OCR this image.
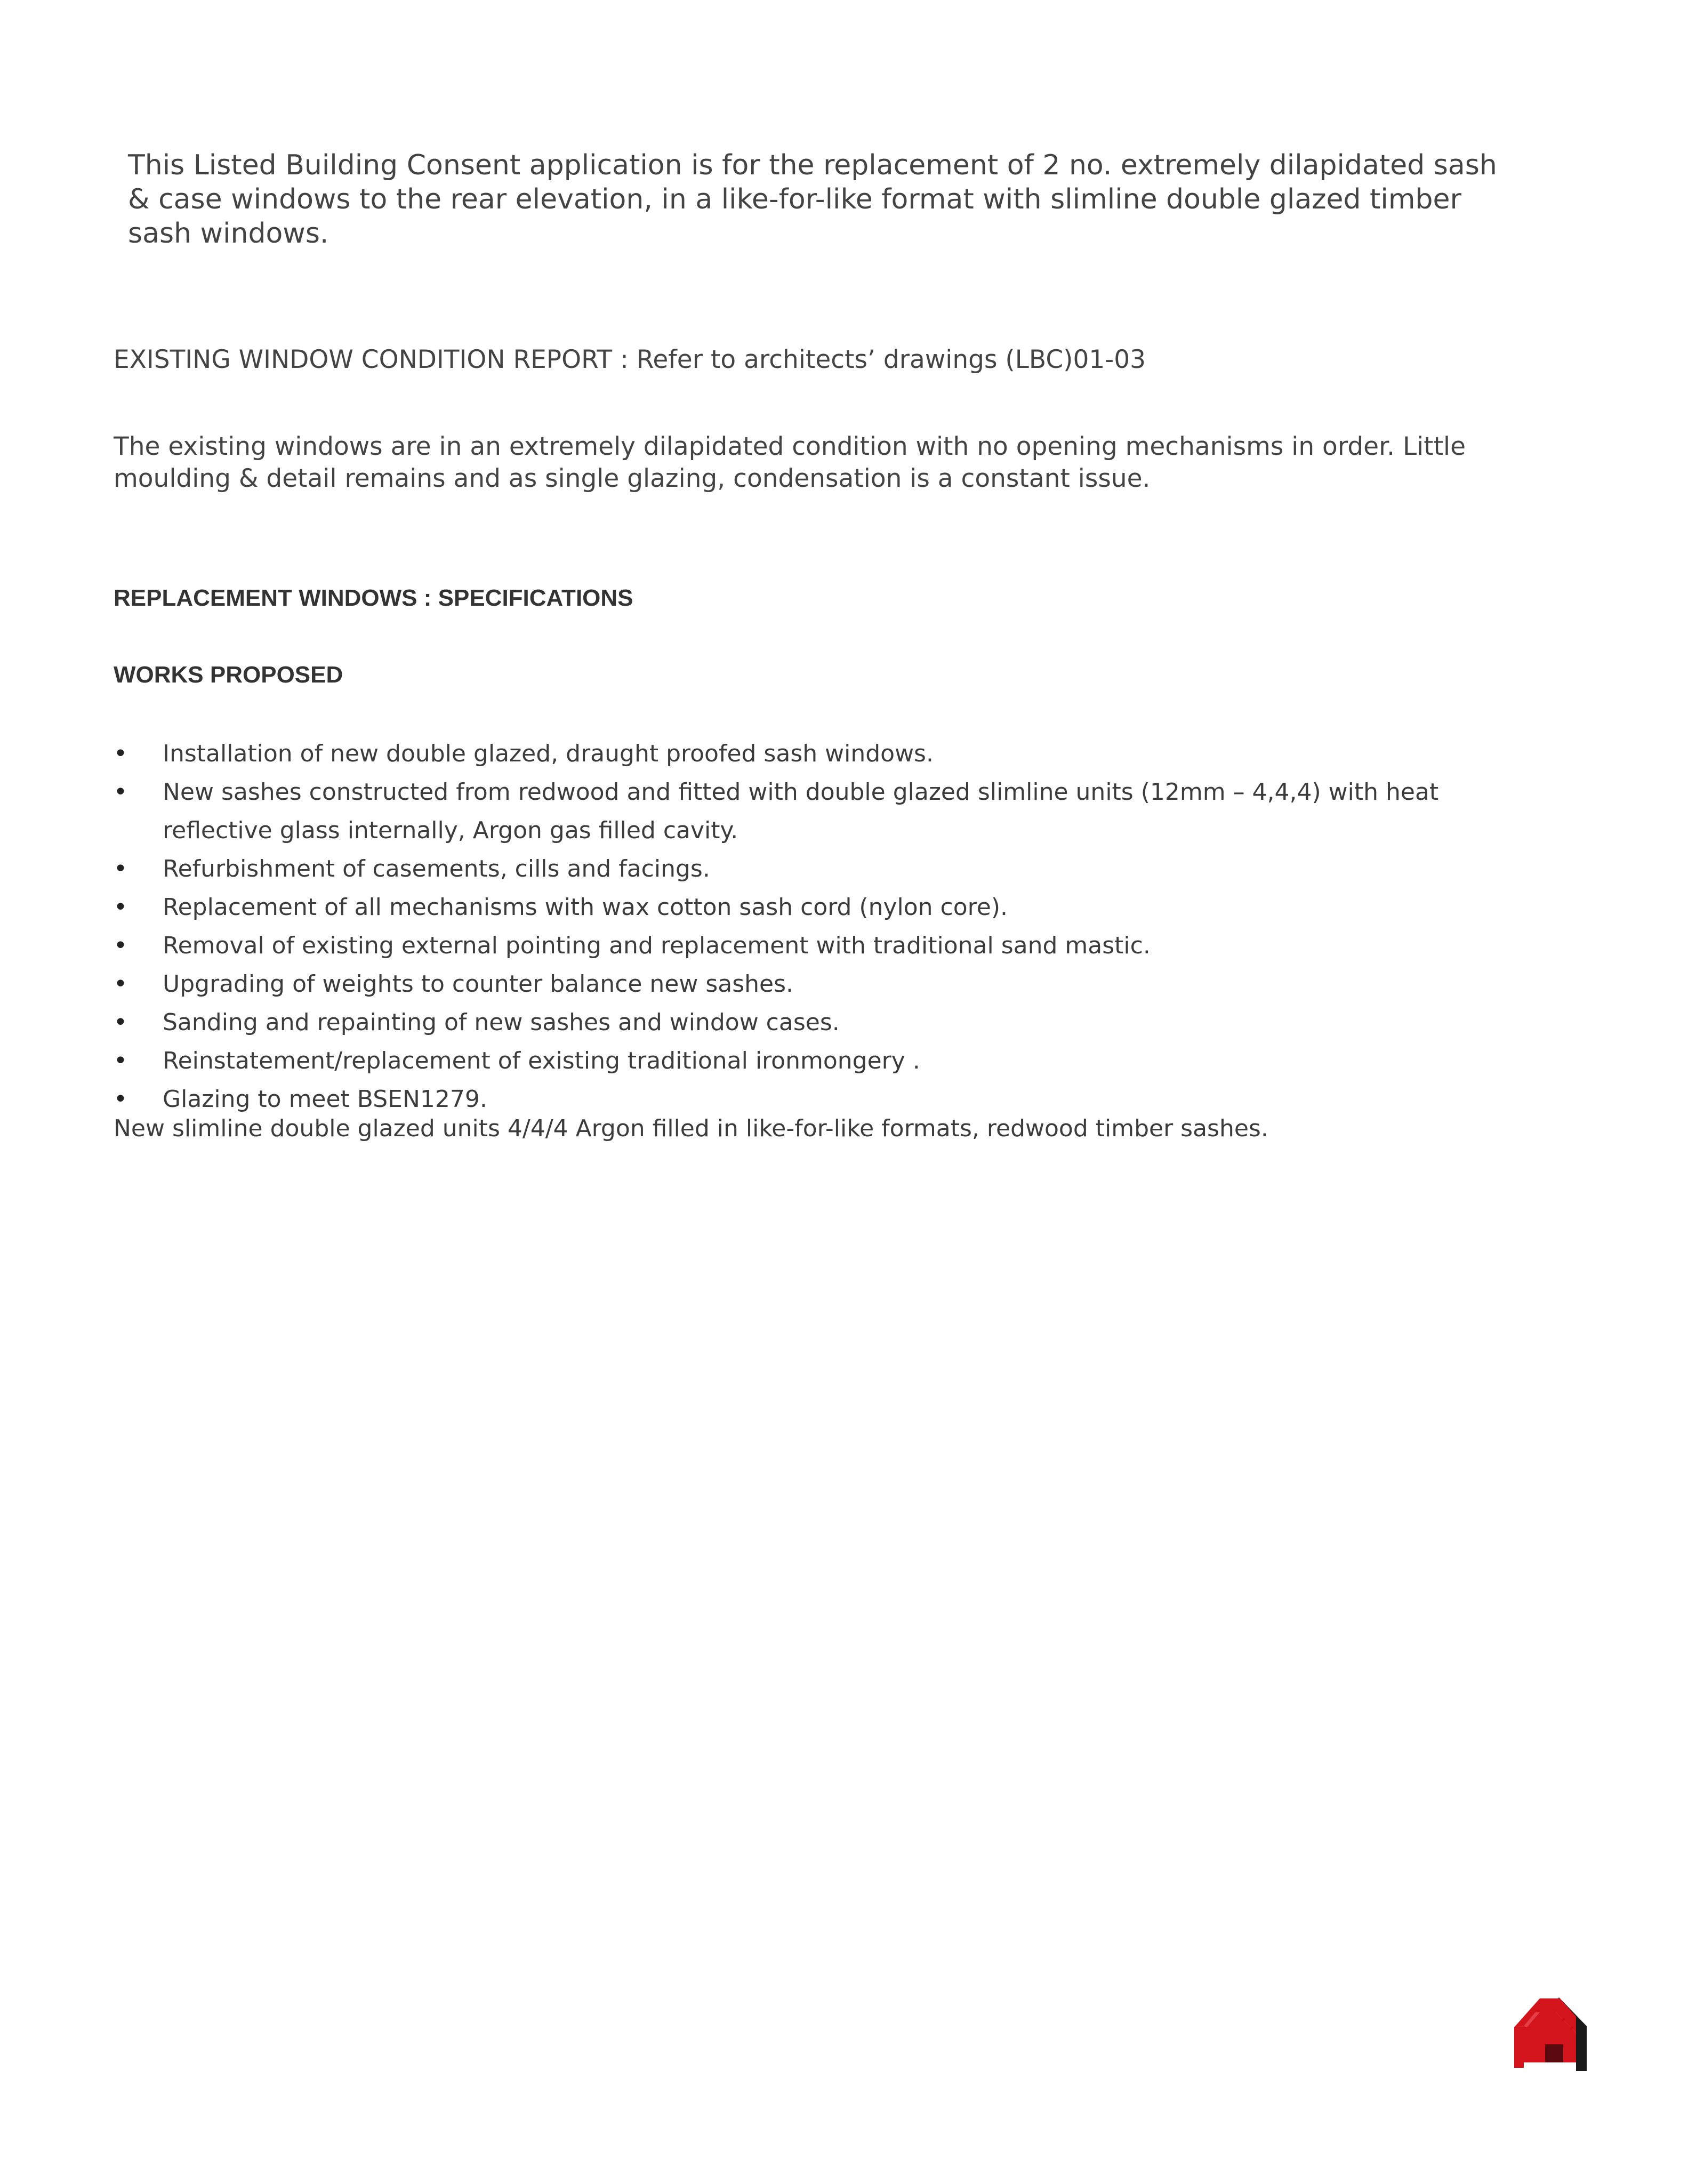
This Listed Building Consent application is for the replacement of 2 no. extremely dilapidated sash & case windows to the rear elevation, in a like-for-like format with slimline double glazed timber sash windows.

EXISTING WINDOW CONDITION REPORT : Refer to architects’ drawings (LBC)01-03

The existing windows are in an extremely dilapidated condition with no opening mechanisms in order. Little moulding & detail remains and as single glazing, condensation is a constant issue.

REPLACEMENT WINDOWS : SPECIFICATIONS
WORKS PROPOSED
• Installation of new double glazed, draught proofed sash windows.
• New sashes constructed from redwood and fitted with double glazed slimline units (12mm – 4,4,4) with heat reflective glass internally, Argon gas filled cavity.
• Refurbishment of casements, cills and facings.
• Replacement of all mechanisms with wax cotton sash cord (nylon core).
• Removal of existing external pointing and replacement with traditional sand mastic.
• Upgrading of weights to counter balance new sashes.
• Sanding and repainting of new sashes and window cases.
• Reinstatement/replacement of existing traditional ironmongery .
• Glazing to meet BSEN1279.

New slimline double glazed units 4/4/4 Argon filled in like-for-like formats, redwood timber sashes.
